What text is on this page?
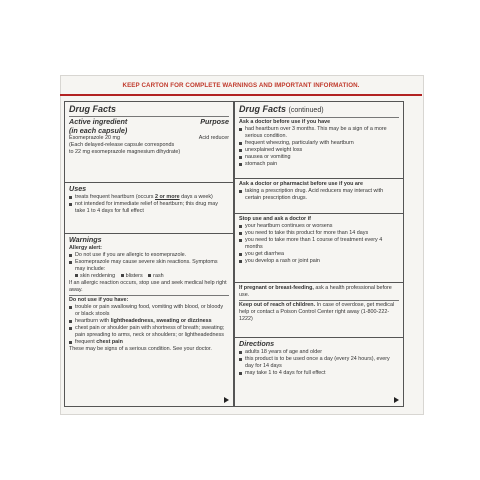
KEEP CARTON FOR COMPLETE WARNINGS AND IMPORTANT INFORMATION.
Drug Facts
Active ingredient	Purpose
(in each capsule)
Esomeprazole 20 mg	Acid reducer
(Each delayed-release capsule corresponds
to 22 mg esomeprazole magnesium dihydrate)
Uses
treats frequent heartburn (occurs 2 or more days a week)
not intended for immediate relief of heartburn; this drug may take 1 to 4 days for full effect
Warnings
Allergy alert:
Do not use if you are allergic to esomeprazole.
Esomeprazole may cause severe skin reactions. Symptoms may include:
skin reddening blisters rash
If an allergic reaction occurs, stop use and seek medical help right away.
Do not use if you have:
trouble or pain swallowing food, vomiting with blood, or bloody or black stools
heartburn with lightheadedness, sweating or dizziness
chest pain or shoulder pain with shortness of breath; sweating; pain spreading to arms, neck or shoulders; or lightheadedness
frequent chest pain
These may be signs of a serious condition. See your doctor.
Drug Facts (continued)
Ask a doctor before use if you have
had heartburn over 3 months. This may be a sign of a more serious condition.
frequent wheezing, particularly with heartburn
unexplained weight loss
nausea or vomiting
stomach pain
Ask a doctor or pharmacist before use if you are
taking a prescription drug. Acid reducers may interact with certain prescription drugs.
Stop use and ask a doctor if
your heartburn continues or worsens
you need to take this product for more than 14 days
you need to take more than 1 course of treatment every 4 months
you get diarrhea
you develop a rash or joint pain
If pregnant or breast-feeding, ask a health professional before use.
Keep out of reach of children. In case of overdose, get medical help or contact a Poison Control Center right away (1-800-222-1222)
Directions
adults 18 years of age and older
this product is to be used once a day (every 24 hours), every day for 14 days
may take 1 to 4 days for full effect
